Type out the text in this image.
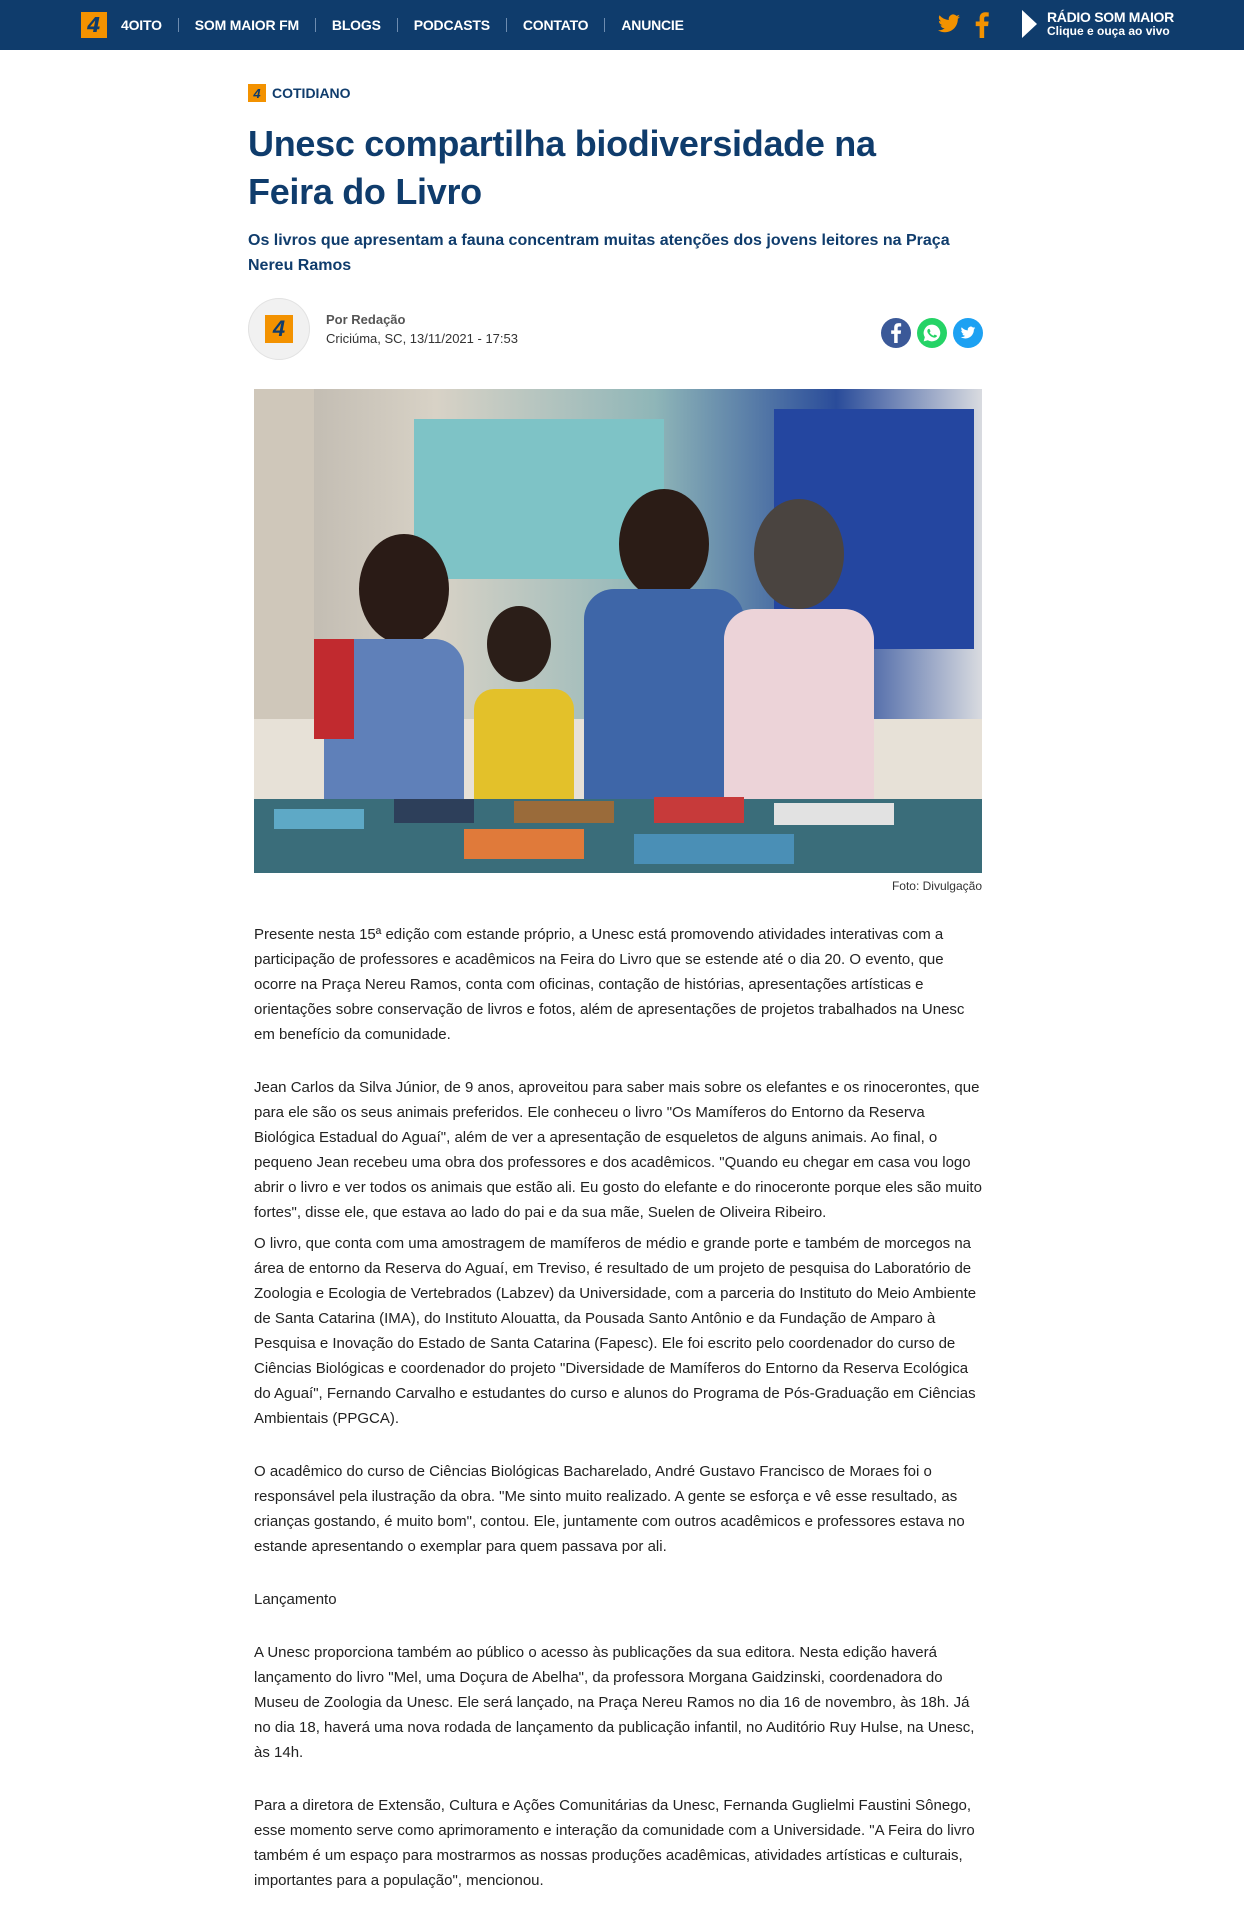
4	4OITO	SOM MAIOR FM	BLOGS	PODCASTS	CONTATO	ANUNCIE	RÁDIO SOM MAIOR
Clique e ouça ao vivo
4 COTIDIANO
Unesc compartilha biodiversidade na Feira do Livro
Os livros que apresentam a fauna concentram muitas atenções dos jovens leitores na Praça Nereu Ramos
4	Por Redação
Criciúma, SC, 13/11/2021 - 17:53
Foto: Divulgação

Presente nesta 15ª edição com estande próprio, a Unesc está promovendo atividades interativas com a participação de professores e acadêmicos na Feira do Livro que se estende até o dia 20. O evento, que ocorre na Praça Nereu Ramos, conta com oficinas, contação de histórias, apresentações artísticas e orientações sobre conservação de livros e fotos, além de apresentações de projetos trabalhados na Unesc em benefício da comunidade.

Jean Carlos da Silva Júnior, de 9 anos, aproveitou para saber mais sobre os elefantes e os rinocerontes, que para ele são os seus animais preferidos. Ele conheceu o livro "Os Mamíferos do Entorno da Reserva Biológica Estadual do Aguaí", além de ver a apresentação de esqueletos de alguns animais. Ao final, o pequeno Jean recebeu uma obra dos professores e dos acadêmicos. "Quando eu chegar em casa vou logo abrir o livro e ver todos os animais que estão ali. Eu gosto do elefante e do rinoceronte porque eles são muito fortes", disse ele, que estava ao lado do pai e da sua mãe, Suelen de Oliveira Ribeiro.

O livro, que conta com uma amostragem de mamíferos de médio e grande porte e também de morcegos na área de entorno da Reserva do Aguaí, em Treviso, é resultado de um projeto de pesquisa do Laboratório de Zoologia e Ecologia de Vertebrados (Labzev) da Universidade, com a parceria do Instituto do Meio Ambiente de Santa Catarina (IMA), do Instituto Alouatta, da Pousada Santo Antônio e da Fundação de Amparo à Pesquisa e Inovação do Estado de Santa Catarina (Fapesc). Ele foi escrito pelo coordenador do curso de Ciências Biológicas e coordenador do projeto "Diversidade de Mamíferos do Entorno da Reserva Ecológica do Aguaí", Fernando Carvalho e estudantes do curso e alunos do Programa de Pós-Graduação em Ciências Ambientais (PPGCA).

O acadêmico do curso de Ciências Biológicas Bacharelado, André Gustavo Francisco de Moraes foi o responsável pela ilustração da obra. "Me sinto muito realizado. A gente se esforça e vê esse resultado, as crianças gostando, é muito bom", contou. Ele, juntamente com outros acadêmicos e professores estava no estande apresentando o exemplar para quem passava por ali.

Lançamento

A Unesc proporciona também ao público o acesso às publicações da sua editora. Nesta edição haverá lançamento do livro "Mel, uma Doçura de Abelha", da professora Morgana Gaidzinski, coordenadora do Museu de Zoologia da Unesc. Ele será lançado, na Praça Nereu Ramos no dia 16 de novembro, às 18h. Já no dia 18, haverá uma nova rodada de lançamento da publicação infantil, no Auditório Ruy Hulse, na Unesc, às 14h.

Para a diretora de Extensão, Cultura e Ações Comunitárias da Unesc, Fernanda Guglielmi Faustini Sônego, esse momento serve como aprimoramento e interação da comunidade com a Universidade. "A Feira do livro também é um espaço para mostrarmos as nossas produções acadêmicas, atividades artísticas e culturais, importantes para a população", mencionou.
